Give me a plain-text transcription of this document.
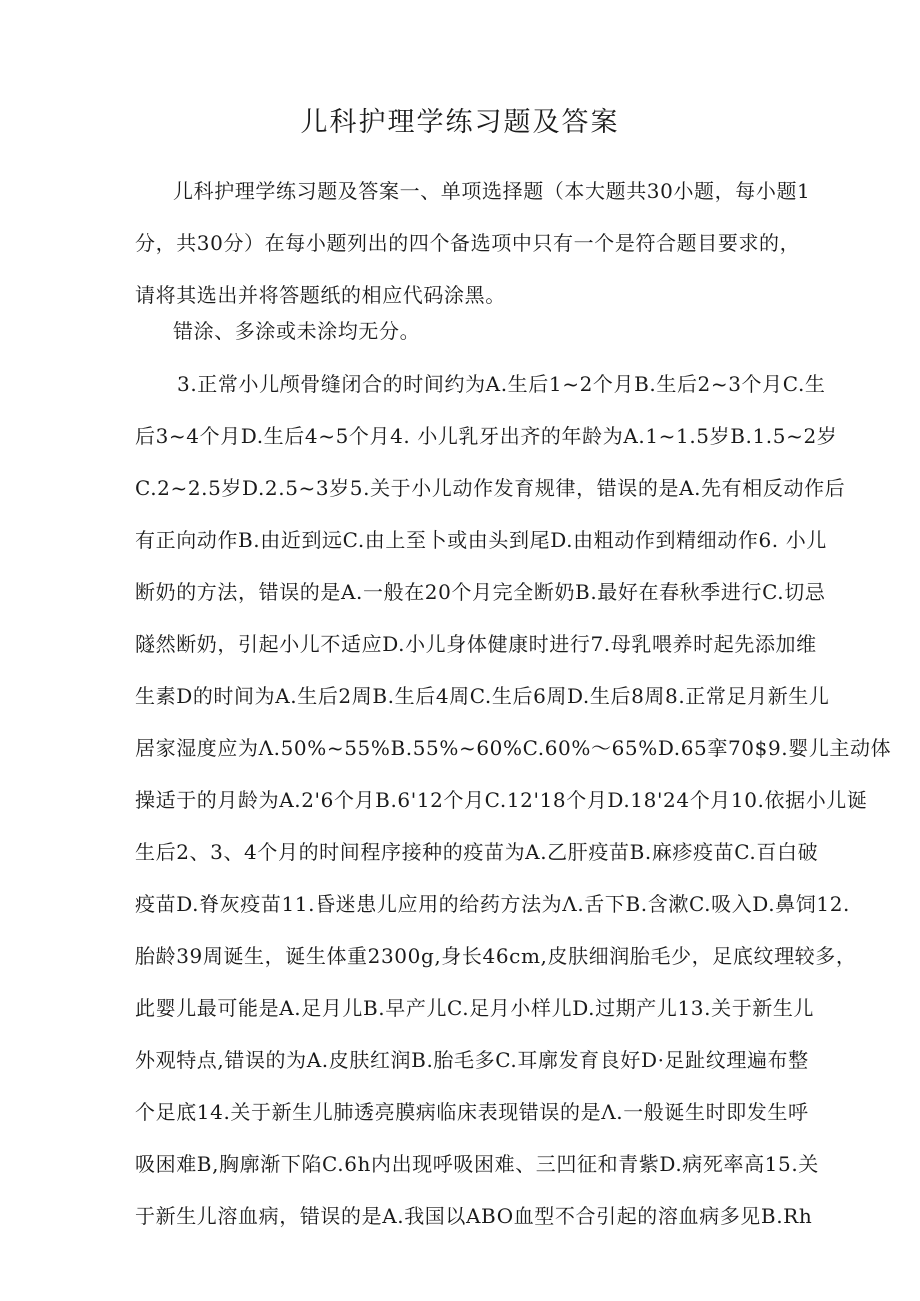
儿科护理学练习题及答案
儿科护理学练习题及答案一、单项选择题（本大题共30小题，每小题1
分，共30分）在每小题列出的四个备选项中只有一个是符合题目要求的，
请将其选出并将答题纸的相应代码涂黑。
错涂、多涂或未涂均无分。
3.正常小儿颅骨缝闭合的时间约为A.生后1~2个月B.生后2~3个月C.生
后3~4个月D.生后4~5个月4. 小儿乳牙出齐的年龄为A.1~1.5岁B.1.5~2岁
C.2~2.5岁D.2.5~3岁5.关于小儿动作发育规律，错误的是A.先有相反动作后
有正向动作B.由近到远C.由上至卜或由头到尾D.由粗动作到精细动作6. 小儿
断奶的方法，错误的是A.一般在20个月完全断奶B.最好在春秋季进行C.切忌
隧然断奶，引起小儿不适应D.小儿身体健康时进行7.母乳喂养时起先添加维
生素D的时间为A.生后2周B.生后4周C.生后6周D.生后8周8.正常足月新生儿
居家湿度应为Λ.50%~55%B.55%~60%C.60%～65%D.65挛70$9.婴儿主动体
操适于的月龄为A.2'6个月B.6'12个月C.12'18个月D.18'24个月10.依据小儿诞
生后2、3、4个月的时间程序接种的疫苗为A.乙肝疫苗B.麻疹疫苗C.百白破
疫苗D.脊灰疫苗11.昏迷患儿应用的给药方法为Λ.舌下B.含漱C.吸入D.鼻饲12.
胎龄39周诞生，诞生体重2300g,身长46cm,皮肤细润胎毛少，足底纹理较多，
此婴儿最可能是A.足月儿B.早产儿C.足月小样儿D.过期产儿13.关于新生儿
外观特点,错误的为A.皮肤红润B.胎毛多C.耳廓发育良好D·足趾纹理遍布整
个足底14.关于新生儿肺透亮膜病临床表现错误的是Λ.一般诞生时即发生呼
吸困难B,胸廓渐下陷C.6h内出现呼吸困难、三凹征和青紫D.病死率高15.关
于新生儿溶血病，错误的是A.我国以ABO血型不合引起的溶血病多见B.Rh
